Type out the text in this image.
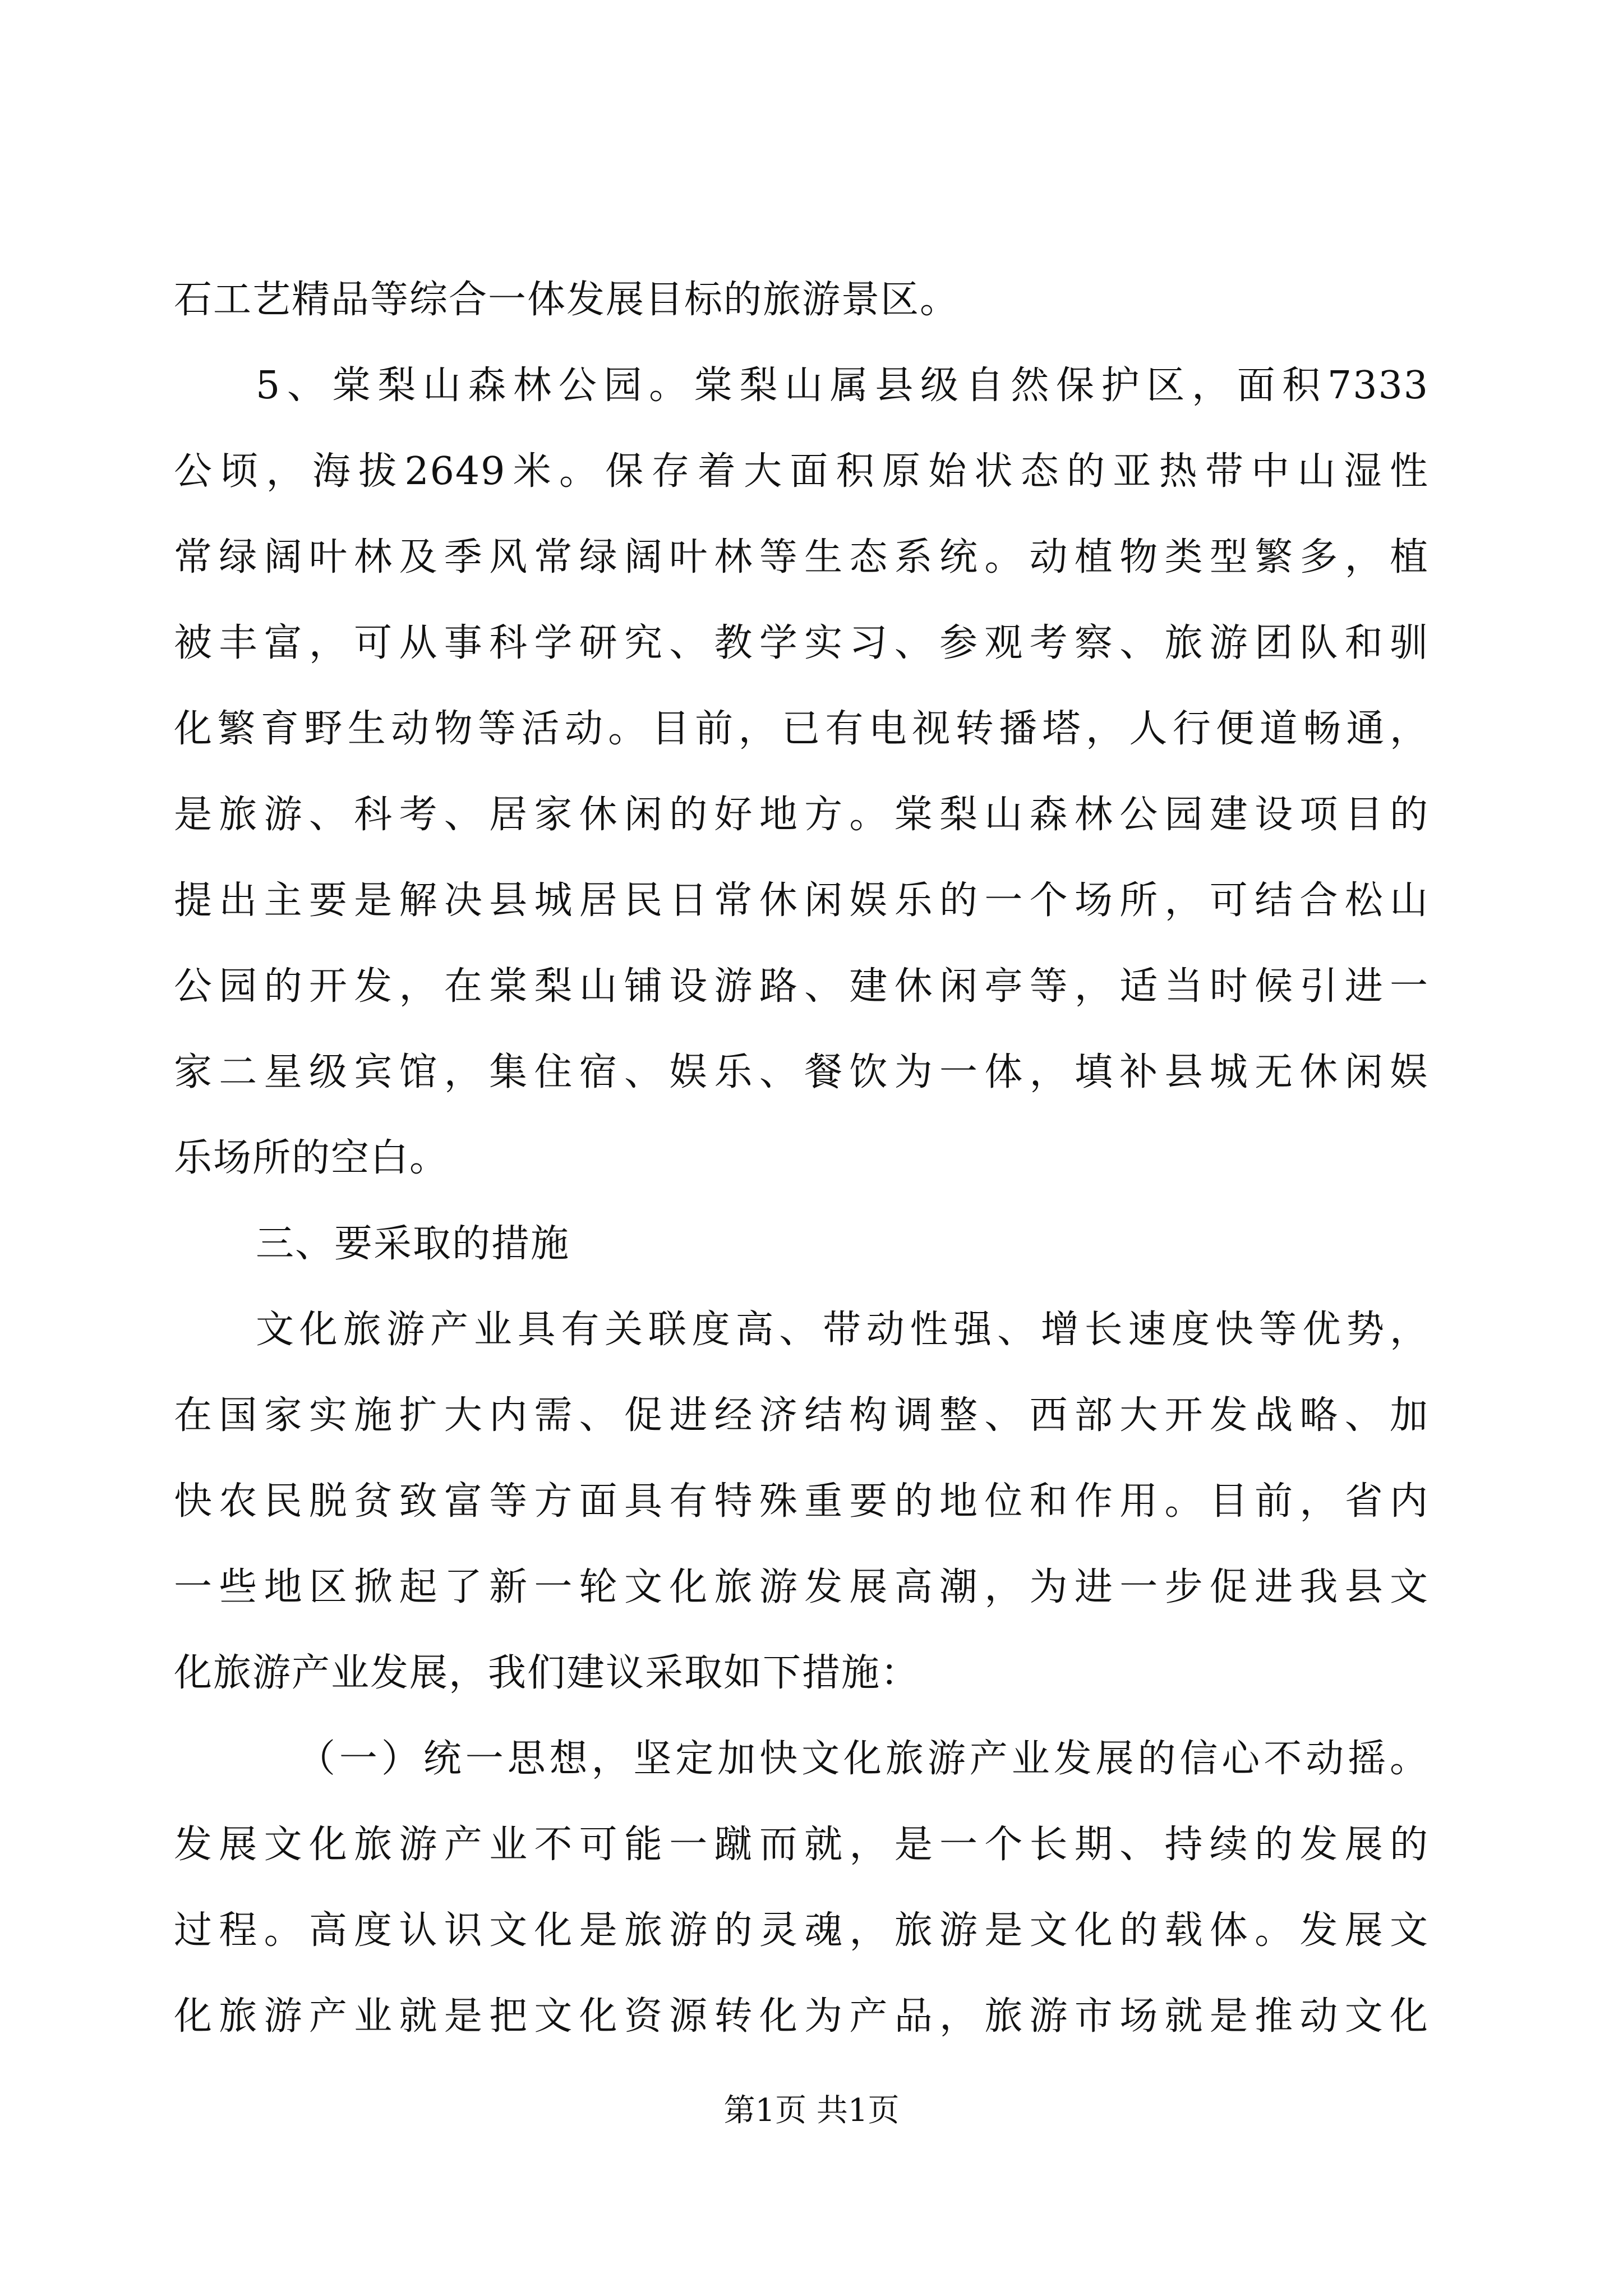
石工艺精品等综合一体发展目标的旅游景区。
5、棠梨山森林公园。棠梨山属县级自然保护区，面积7333
公顷，海拔2649米。保存着大面积原始状态的亚热带中山湿性
常绿阔叶林及季风常绿阔叶林等生态系统。动植物类型繁多，植
被丰富，可从事科学研究、教学实习、参观考察、旅游团队和驯
化繁育野生动物等活动。目前，已有电视转播塔，人行便道畅通，
是旅游、科考、居家休闲的好地方。棠梨山森林公园建设项目的
提出主要是解决县城居民日常休闲娱乐的一个场所，可结合松山
公园的开发，在棠梨山铺设游路、建休闲亭等，适当时候引进一
家二星级宾馆，集住宿、娱乐、餐饮为一体，填补县城无休闲娱
乐场所的空白。
三、要采取的措施
文化旅游产业具有关联度高、带动性强、增长速度快等优势，
在国家实施扩大内需、促进经济结构调整、西部大开发战略、加
快农民脱贫致富等方面具有特殊重要的地位和作用。目前，省内
一些地区掀起了新一轮文化旅游发展高潮，为进一步促进我县文
化旅游产业发展，我们建议采取如下措施：
（一）统一思想，坚定加快文化旅游产业发展的信心不动摇。
发展文化旅游产业不可能一蹴而就，是一个长期、持续的发展的
过程。高度认识文化是旅游的灵魂，旅游是文化的载体。发展文
化旅游产业就是把文化资源转化为产品，旅游市场就是推动文化
第1页 共1页
